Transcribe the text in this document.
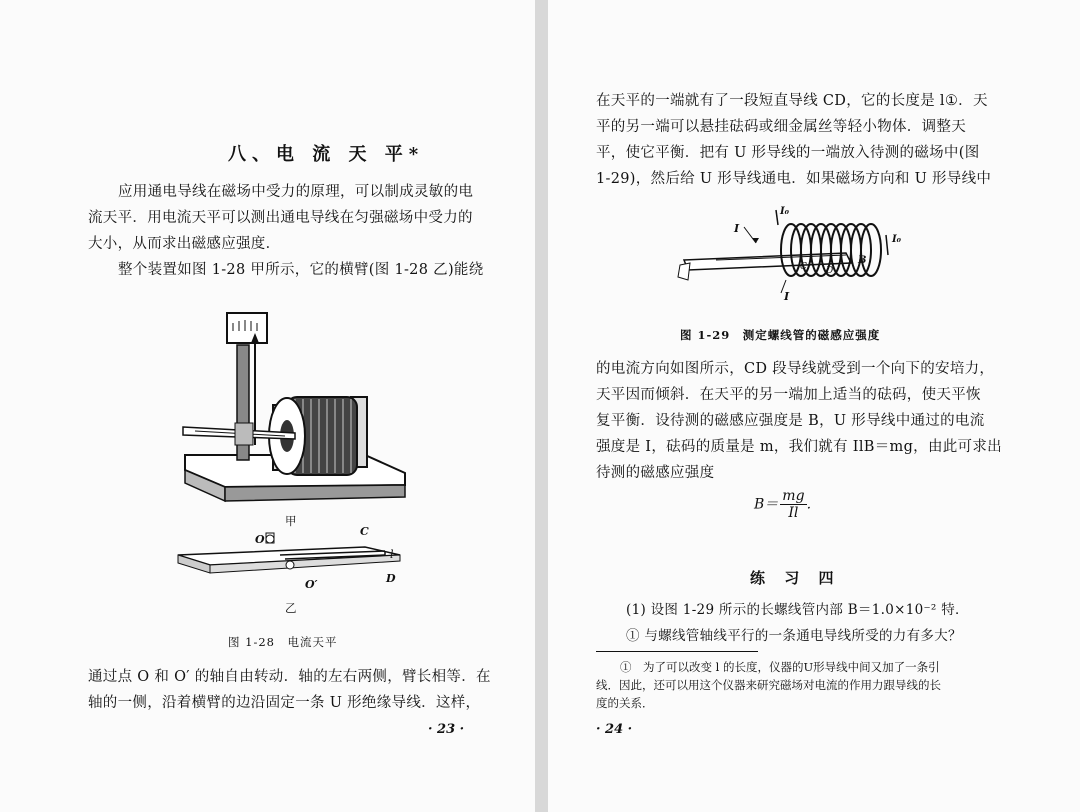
八、电 流 天 平*
应用通电导线在磁场中受力的原理，可以制成灵敏的电
流天平．用电流天平可以测出通电导线在匀强磁场中受力的
大小，从而求出磁感应强度．
整个装置如图 1-28 甲所示，它的横臂(图 1-28 乙)能绕
甲
O
O′
C
D
l
乙
图 1-28　电流天平
通过点 O 和 O′ 的轴自由转动．轴的左右两侧，臂长相等．在
轴的一侧，沿着横臂的边沿固定一条 U 形绝缘导线．这样，
· 23 ·
在天平的一端就有了一段短直导线 CD，它的长度是 l①．天
平的另一端可以悬挂砝码或细金属丝等轻小物体．调整天
平，使它平衡．把有 U 形导线的一端放入待测的磁场中(图
1-29)，然后给 U 形导线通电．如果磁场方向和 U 形导线中
I
I₀
I₀
B
C D
I
图 1-29　测定螺线管的磁感应强度
的电流方向如图所示，CD 段导线就受到一个向下的安培力，
天平因而倾斜．在天平的另一端加上适当的砝码，使天平恢
复平衡．设待测的磁感应强度是 B，U 形导线中通过的电流
强度是 I，砝码的质量是 m，我们就有 IlB＝mg，由此可求出
待测的磁感应强度
$B= \frac{mg}{Il}$ ．
练 习 四
(1) 设图 1-29 所示的长螺线管内部 B＝1.0×10⁻² 特．
① 与螺线管轴线平行的一条通电导线所受的力有多大？
①　为了可以改变 l 的长度，仪器的U形导线中间又加了一条引
线．因此，还可以用这个仪器来研究磁场对电流的作用力跟导线的长
度的关系．
· 24 ·
